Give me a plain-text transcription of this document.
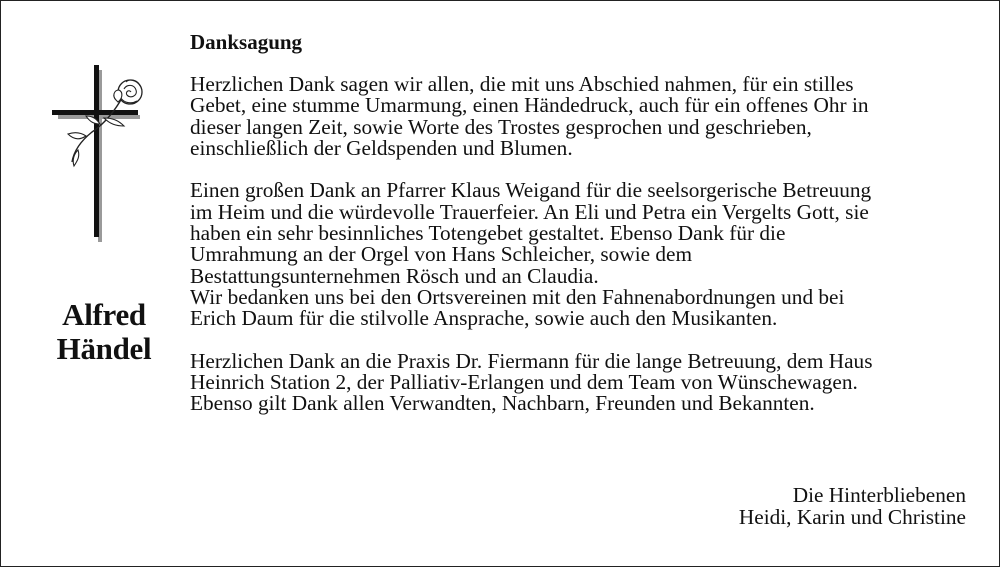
Alfred
Händel
Danksagung
Herzlichen Dank sagen wir allen, die mit uns Abschied nahmen, für ein stilles
Gebet, eine stumme Umarmung, einen Händedruck, auch für ein offenes Ohr in
dieser langen Zeit, sowie Worte des Trostes gesprochen und geschrieben,
einschließlich der Geldspenden und Blumen.
Einen großen Dank an Pfarrer Klaus Weigand für die seelsorgerische Betreuung
im Heim und die würdevolle Trauerfeier. An Eli und Petra ein Vergelts Gott, sie
haben ein sehr besinnliches Totengebet gestaltet. Ebenso Dank für die
Umrahmung an der Orgel von Hans Schleicher, sowie dem
Bestattungsunternehmen Rösch und an Claudia.
Wir bedanken uns bei den Ortsvereinen mit den Fahnenabordnungen und bei
Erich Daum für die stilvolle Ansprache, sowie auch den Musikanten.
Herzlichen Dank an die Praxis Dr. Fiermann für die lange Betreuung, dem Haus
Heinrich Station 2, der Palliativ-Erlangen und dem Team von Wünschewagen.
Ebenso gilt Dank allen Verwandten, Nachbarn, Freunden und Bekannten.
Die Hinterbliebenen
Heidi, Karin und Christine
